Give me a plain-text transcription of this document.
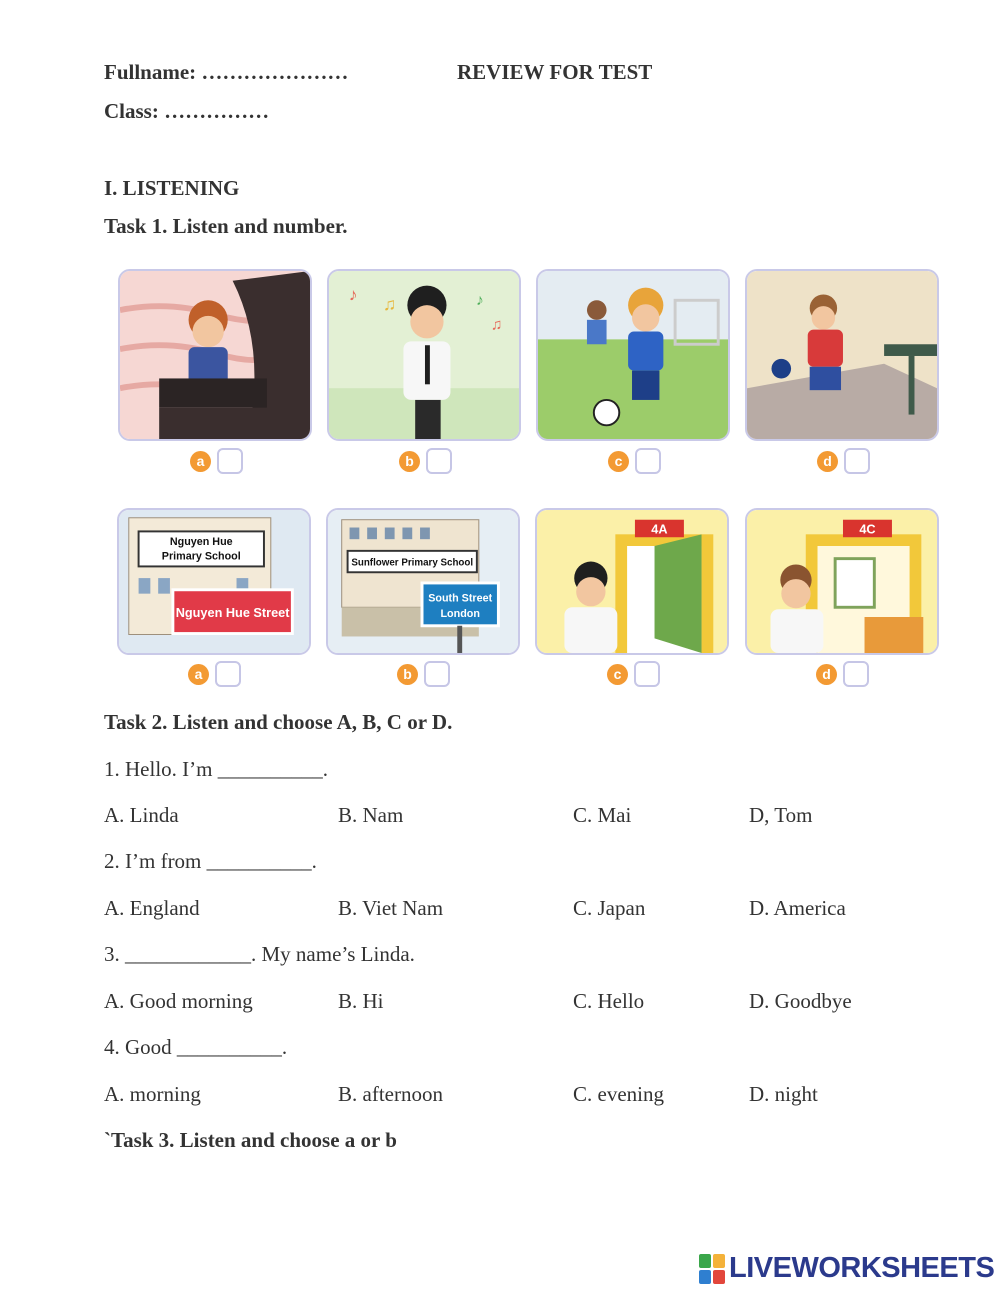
Fullname: …………………	REVIEW FOR TEST
Class: ……………
I. LISTENING
Task 1. Listen and number.
♪ ♫	♪
♫
a	b	c	d
Nguyen Hue
Primary School
Nguyen Hue Street
Sunflower Primary School
South Street
London
4A	4C
a	b	c	d
Task 2. Listen and choose A, B, C or D.
1. Hello. I’m __________.
A. Linda	B. Nam	C. Mai	D, Tom
2. I’m from __________.
A. England	B. Viet Nam	C. Japan	D. America
3. ____________. My name’s Linda.
A. Good morning	B. Hi	C. Hello	D. Goodbye
4. Good __________.
A. morning	B. afternoon	C. evening	D. night
`Task 3. Listen and choose a or b
LIVEWORKSHEETS
